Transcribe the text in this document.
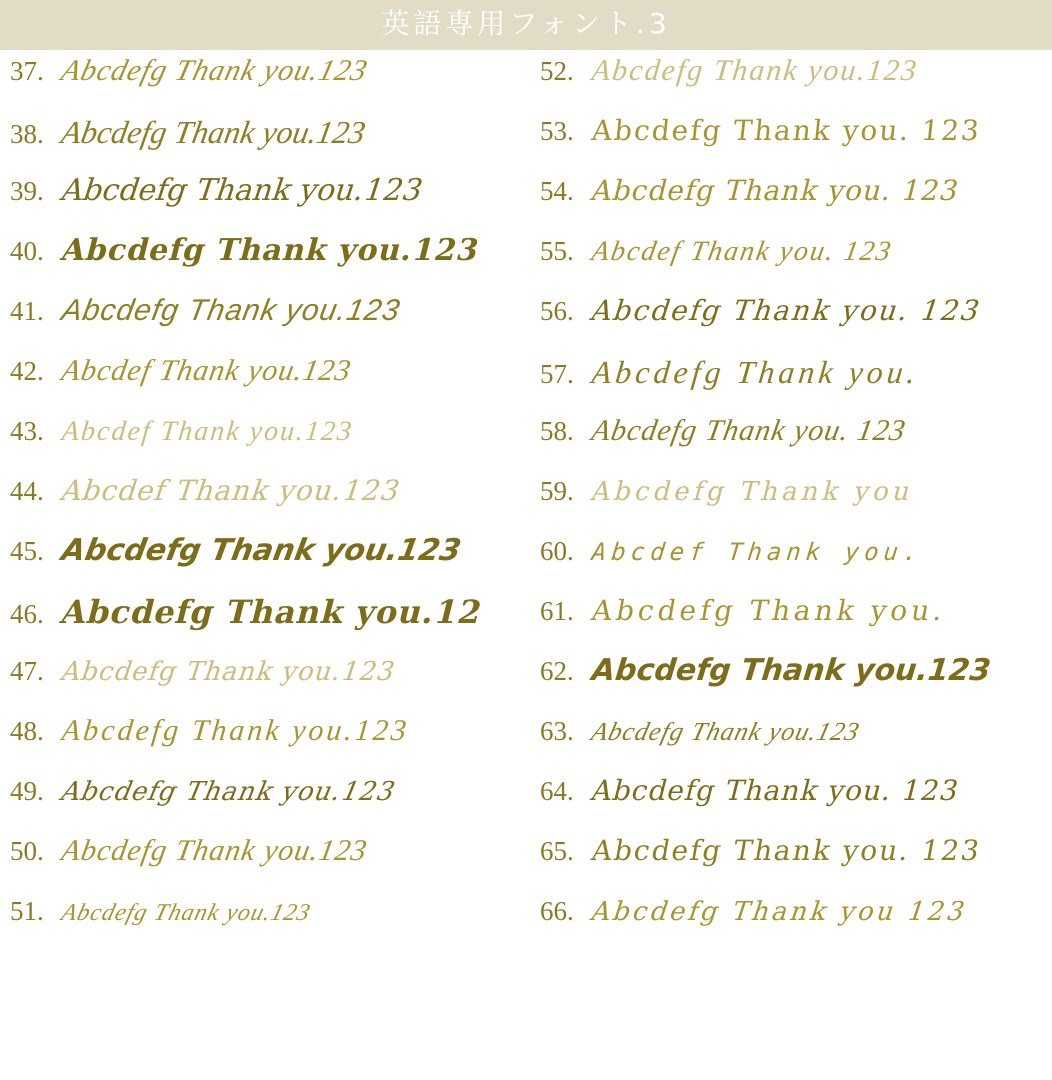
英語専用フォント.3
37. Abcdefg Thank you.123
38. Abcdefg Thank you.123
39. Abcdefg Thank you.123
40. Abcdefg Thank you.123
41. Abcdefg Thank you.123
42. Abcdef Thank you.123
43. Abcdef Thank you.123
44. Abcdef Thank you.123
45. Abcdefg Thank you.123
46. Abcdefg Thank you.12
47. Abcdefg Thank you.123
48. Abcdefg Thank you.123
49. Abcdefg Thank you.123
50. Abcdefg Thank you.123
51. Abcdefg Thank you.123
52. Abcdefg Thank you.123
53. Abcdefg Thank you. 123
54. Abcdefg Thank you. 123
55. Abcdef Thank you. 123
56. Abcdefg Thank you. 123
57. Abcdefg Thank you.
58. Abcdefg Thank you. 123
59. Abcdefg Thank you
60. Abcdef Thank you.
61. Abcdefg Thank you.
62. Abcdefg Thank you.123
63. Abcdefg Thank you.123
64. Abcdefg Thank you. 123
65. Abcdefg Thank you. 123
66. Abcdefg Thank you 123
